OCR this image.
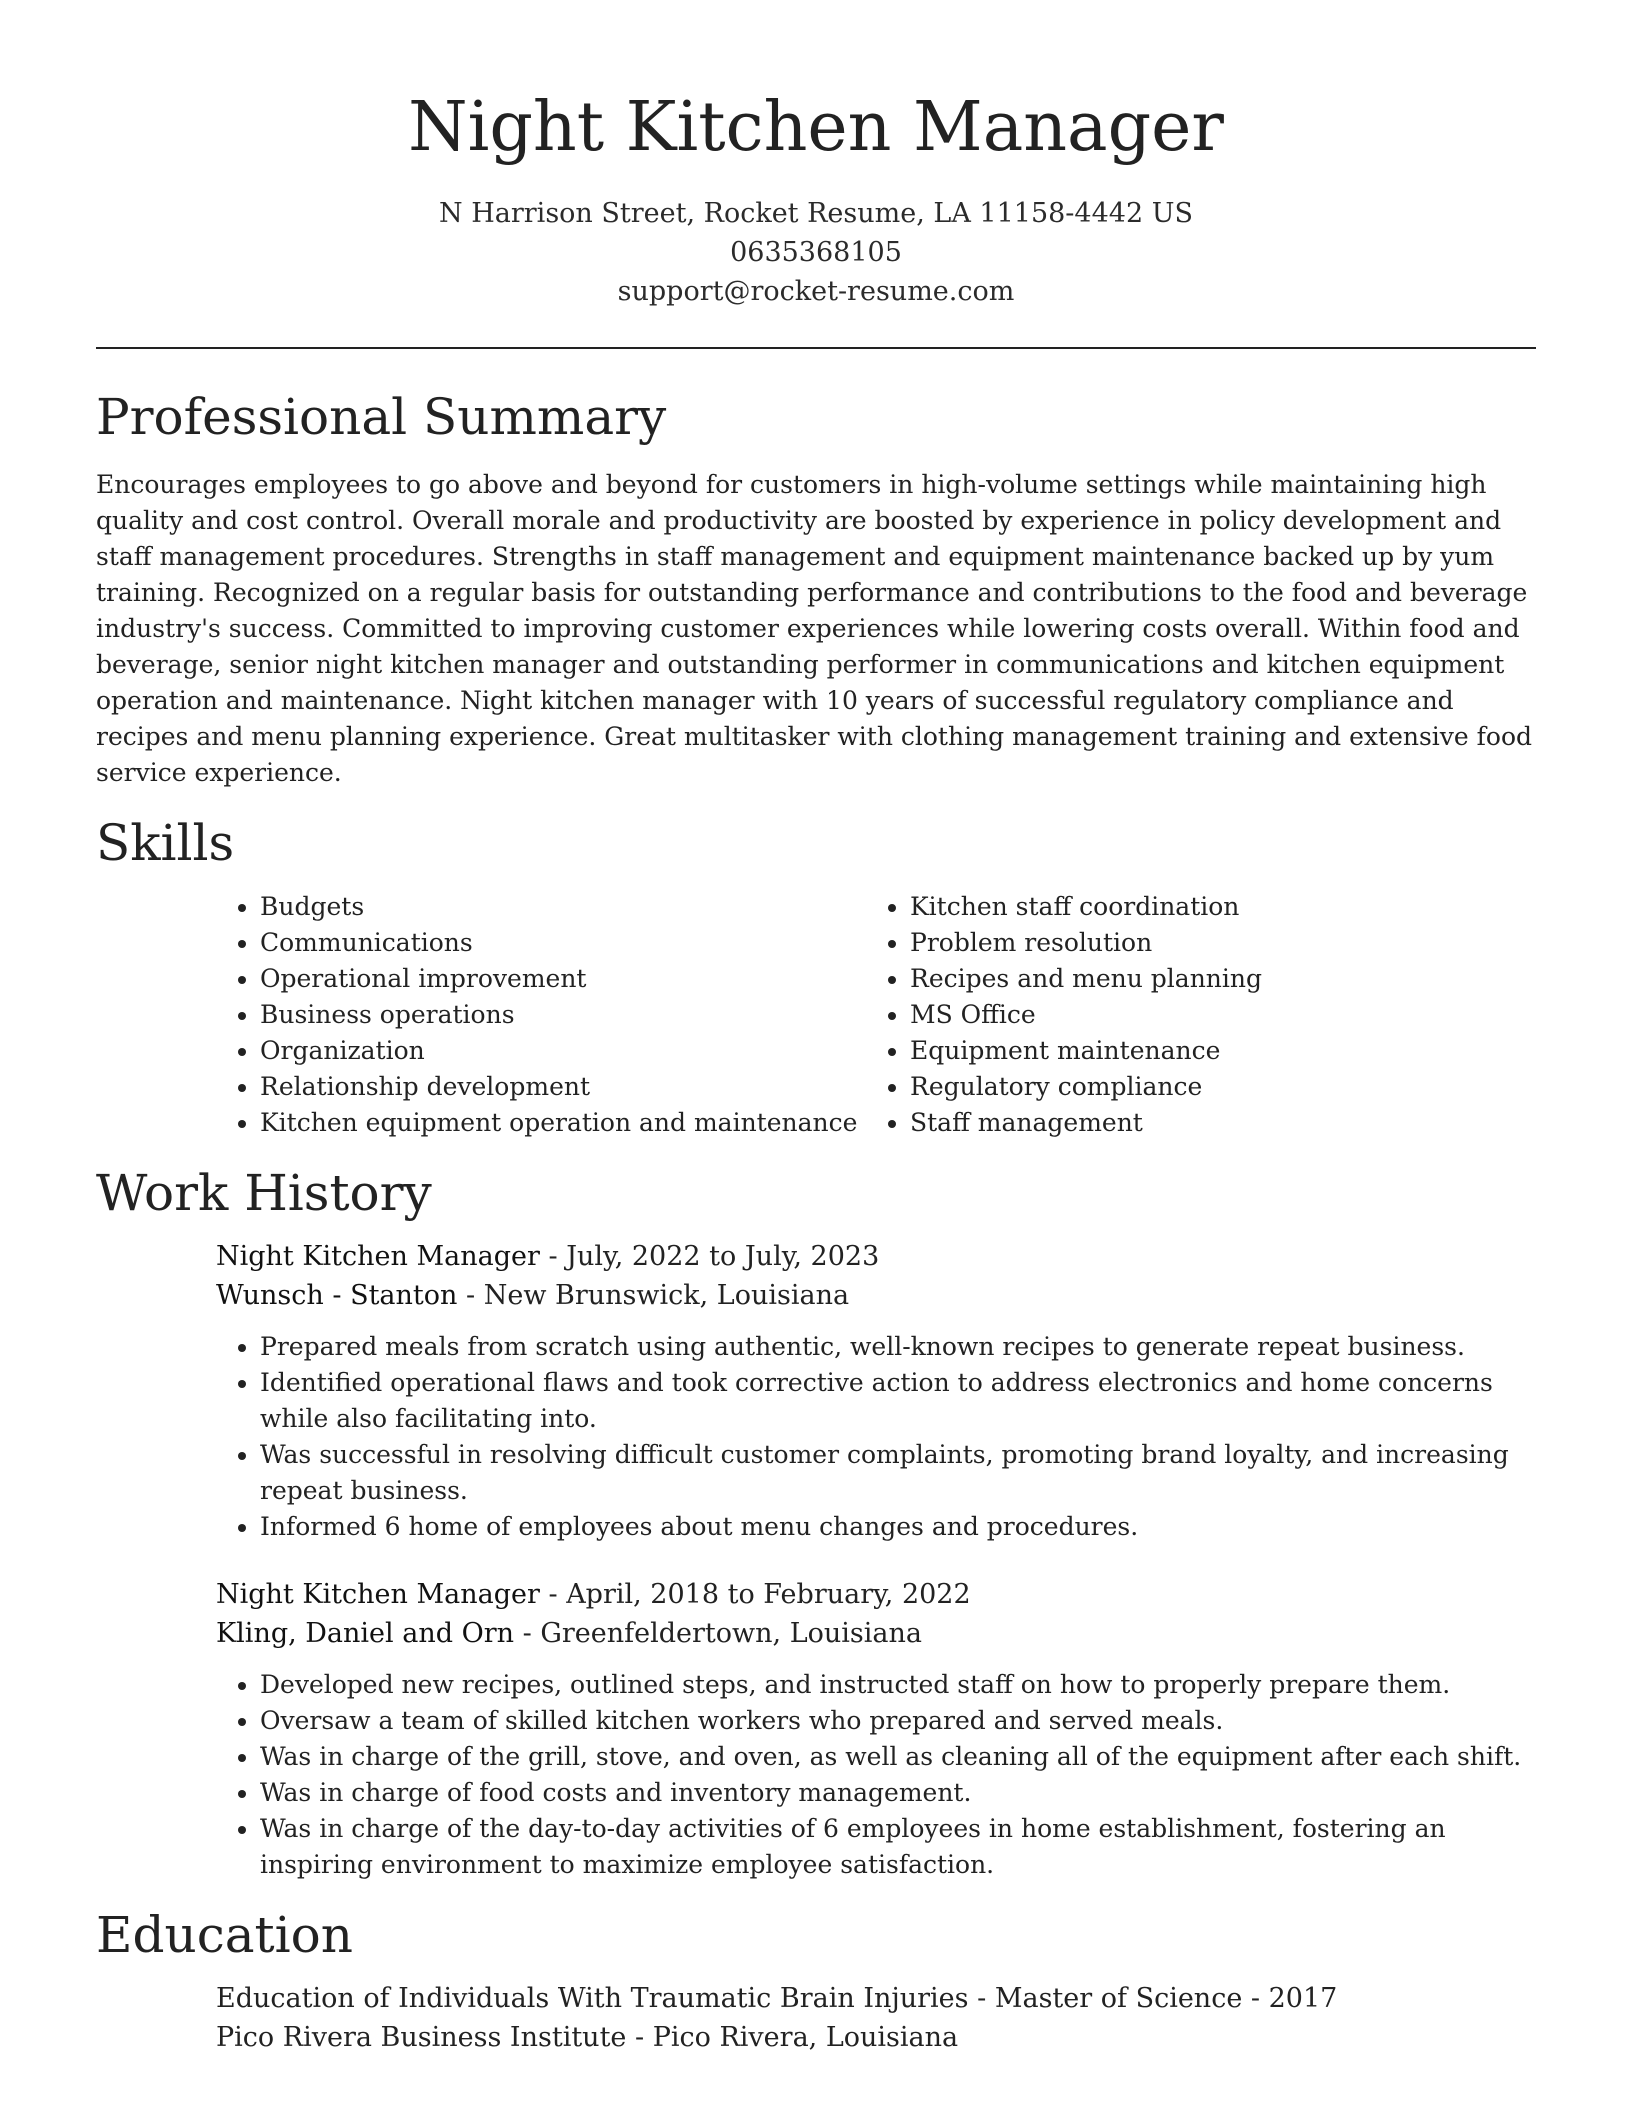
Night Kitchen Manager
N Harrison Street, Rocket Resume, LA 11158-4442 US
0635368105
support@rocket-resume.com
Professional Summary

Encourages employees to go above and beyond for customers in high-volume settings while maintaining high quality and cost control. Overall morale and productivity are boosted by experience in policy development and staff management procedures. Strengths in staff management and equipment maintenance backed up by yum training. Recognized on a regular basis for outstanding performance and contributions to the food and beverage industry's success. Committed to improving customer experiences while lowering costs overall. Within food and beverage, senior night kitchen manager and outstanding performer in communications and kitchen equipment operation and maintenance. Night kitchen manager with 10 years of successful regulatory compliance and recipes and menu planning experience. Great multitasker with clothing management training and extensive food service experience.

Skills
• Budgets
• Communications
• Operational improvement
• Business operations
• Organization
• Relationship development
• Kitchen equipment operation and maintenance
• Kitchen staff coordination
• Problem resolution
• Recipes and menu planning
• MS Office
• Equipment maintenance
• Regulatory compliance
• Staff management
Work History
Night Kitchen Manager - July, 2022 to July, 2023
Wunsch - Stanton - New Brunswick, Louisiana
• Prepared meals from scratch using authentic, well-known recipes to generate repeat business.
• Identified operational flaws and took corrective action to address electronics and home concerns while also facilitating into.
• Was successful in resolving difficult customer complaints, promoting brand loyalty, and increasing repeat business.
• Informed 6 home of employees about menu changes and procedures.
Night Kitchen Manager - April, 2018 to February, 2022
Kling, Daniel and Orn - Greenfeldertown, Louisiana
• Developed new recipes, outlined steps, and instructed staff on how to properly prepare them.
• Oversaw a team of skilled kitchen workers who prepared and served meals.
• Was in charge of the grill, stove, and oven, as well as cleaning all of the equipment after each shift.
• Was in charge of food costs and inventory management.
• Was in charge of the day-to-day activities of 6 employees in home establishment, fostering an inspiring environment to maximize employee satisfaction.
Education
Education of Individuals With Traumatic Brain Injuries - Master of Science - 2017
Pico Rivera Business Institute - Pico Rivera, Louisiana
